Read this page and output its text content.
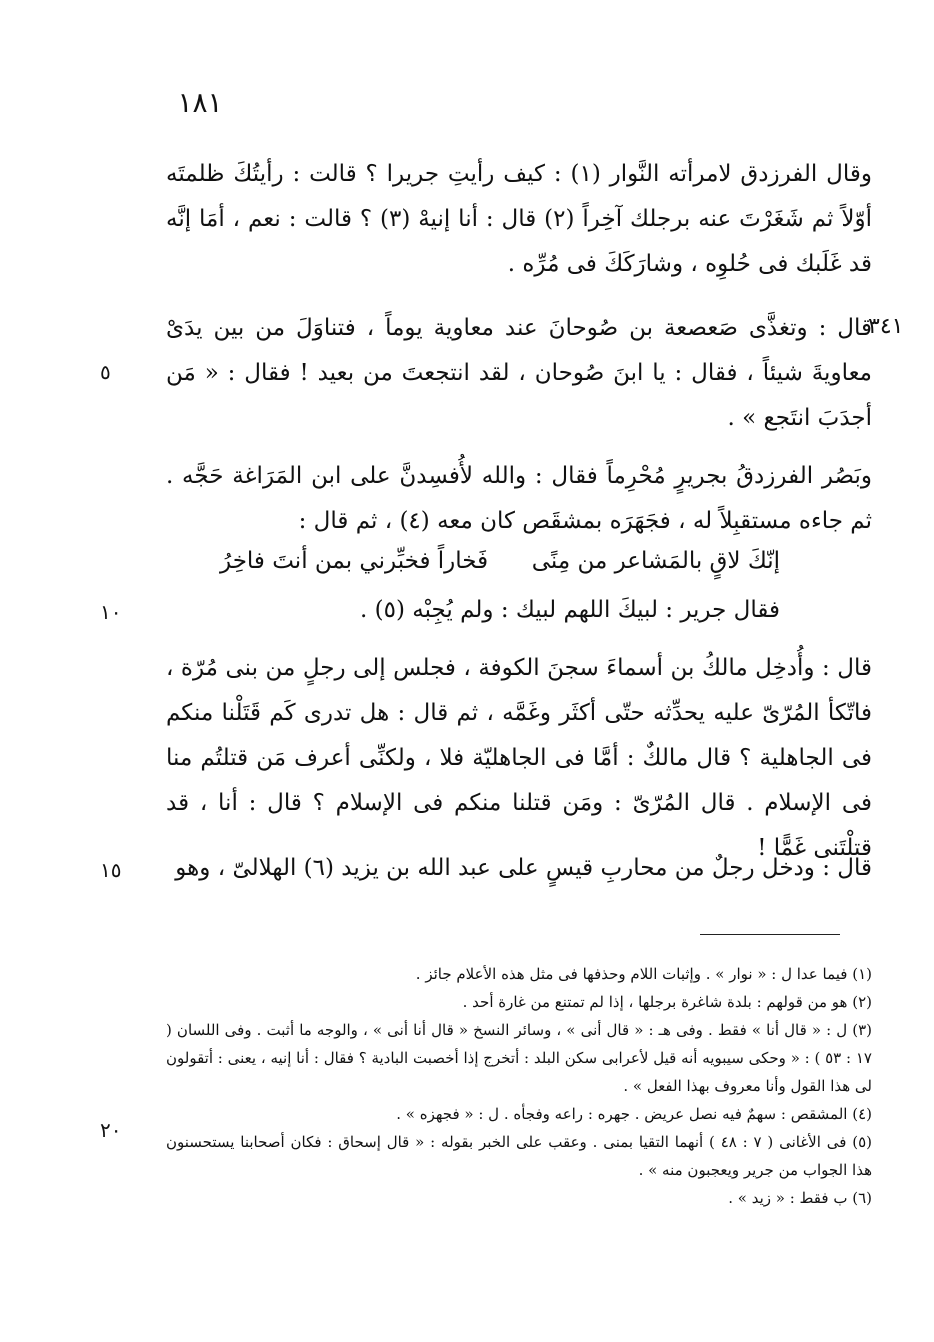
١٨١
٣٤١
٥
١٠
١٥
٢٠

وقال الفرزدق لامرأته النَّوار (١) : كيف رأيتِ جريرا ؟ قالت : رأيتُكَ ظلمتَه أوّلاً ثم شَغَرْتَ عنه برجلك آخِراً (٢) قال : أنا إنيهْ (٣) ؟ قالت : نعم ، أمَا إنَّه قد غَلَبك فى حُلوِه ، وشارَكَكَ فى مُرِّه .

قال : وتغذَّى صَعصعة بن صُوحانَ عند معاوية يوماً ، فتناوَلَ من بين يدَىْ معاويةَ شيئاً ، فقال : يا ابنَ صُوحان ، لقد انتجعتَ من بعيد ! فقال : « مَن أجدَبَ انتَجع » .

وبَصُر الفرزدقُ بجريرٍ مُحْرِماً فقال : والله لأُفسِدنَّ على ابن المَرَاغة حَجَّه . ثم جاءه مستقبِلاً له ، فجَهَرَه بمشقَص كان معه (٤) ، ثم قال :

إنّكَ لاقٍ بالمَشاعر من مِنًى
فَخاراً فخبِّرني بمن أنتَ فاخِرُ

فقال جرير : لبيكَ اللهم لبيك : ولم يُجِبْه (٥) .

قال : وأُدخِل مالكُ بن أسماءَ سجنَ الكوفة ، فجلس إلى رجلٍ من بنى مُرّة ، فاتّكأ المُرّىّ عليه يحدِّثه حتّى أكثَر وغَمَّه ، ثم قال : هل تدرى كَم قَتَلْنا منكم فى الجاهلية ؟ قال مالكٌ : أمَّا فى الجاهليّة فلا ، ولكنِّى أعرف مَن قتلتُم منا فى الإسلام . قال المُرّىّ : ومَن قتلنا منكم فى الإسلام ؟ قال : أنا ، قد قتلْتَنى غَمًّا !

قال : ودخل رجلٌ من محاربِ قيسٍ على عبد الله بن يزيد (٦) الهلالىّ ، وهو

(١) فيما عدا ل : « نوار » . وإثبات اللام وحذفها فى مثل هذه الأعلام جائز .

(٢) هو من قولهم : بلدة شاغرة برجلها ، إذا لم تمتنع من غارة أحد .

(٣) ل : « قال أنا » فقط . وفى هـ : « قال أنى » ، وسائر النسخ « قال أنا أنى » ، والوجه ما أثبت . وفى اللسان ( ١٧ : ٥٣ ) : « وحكى سيبويه أنه قيل لأعرابى سكن البلد : أتخرج إذا أخصبت البادية ؟ فقال : أنا إنيه ، يعنى : أتقولون لى هذا القول وأنا معروف بهذا الفعل » .

(٤) المشقص : سهمٌ فيه نصل عريض . جهره : راعه وفجأه . ل : « فجهزه » .

(٥) فى الأغانى ( ٧ : ٤٨ ) أنهما التقيا بمنى . وعقب على الخبر بقوله : « قال إسحاق : فكان أصحابنا يستحسنون هذا الجواب من جرير ويعجبون منه » .

(٦) ب فقط : « زيد » .
